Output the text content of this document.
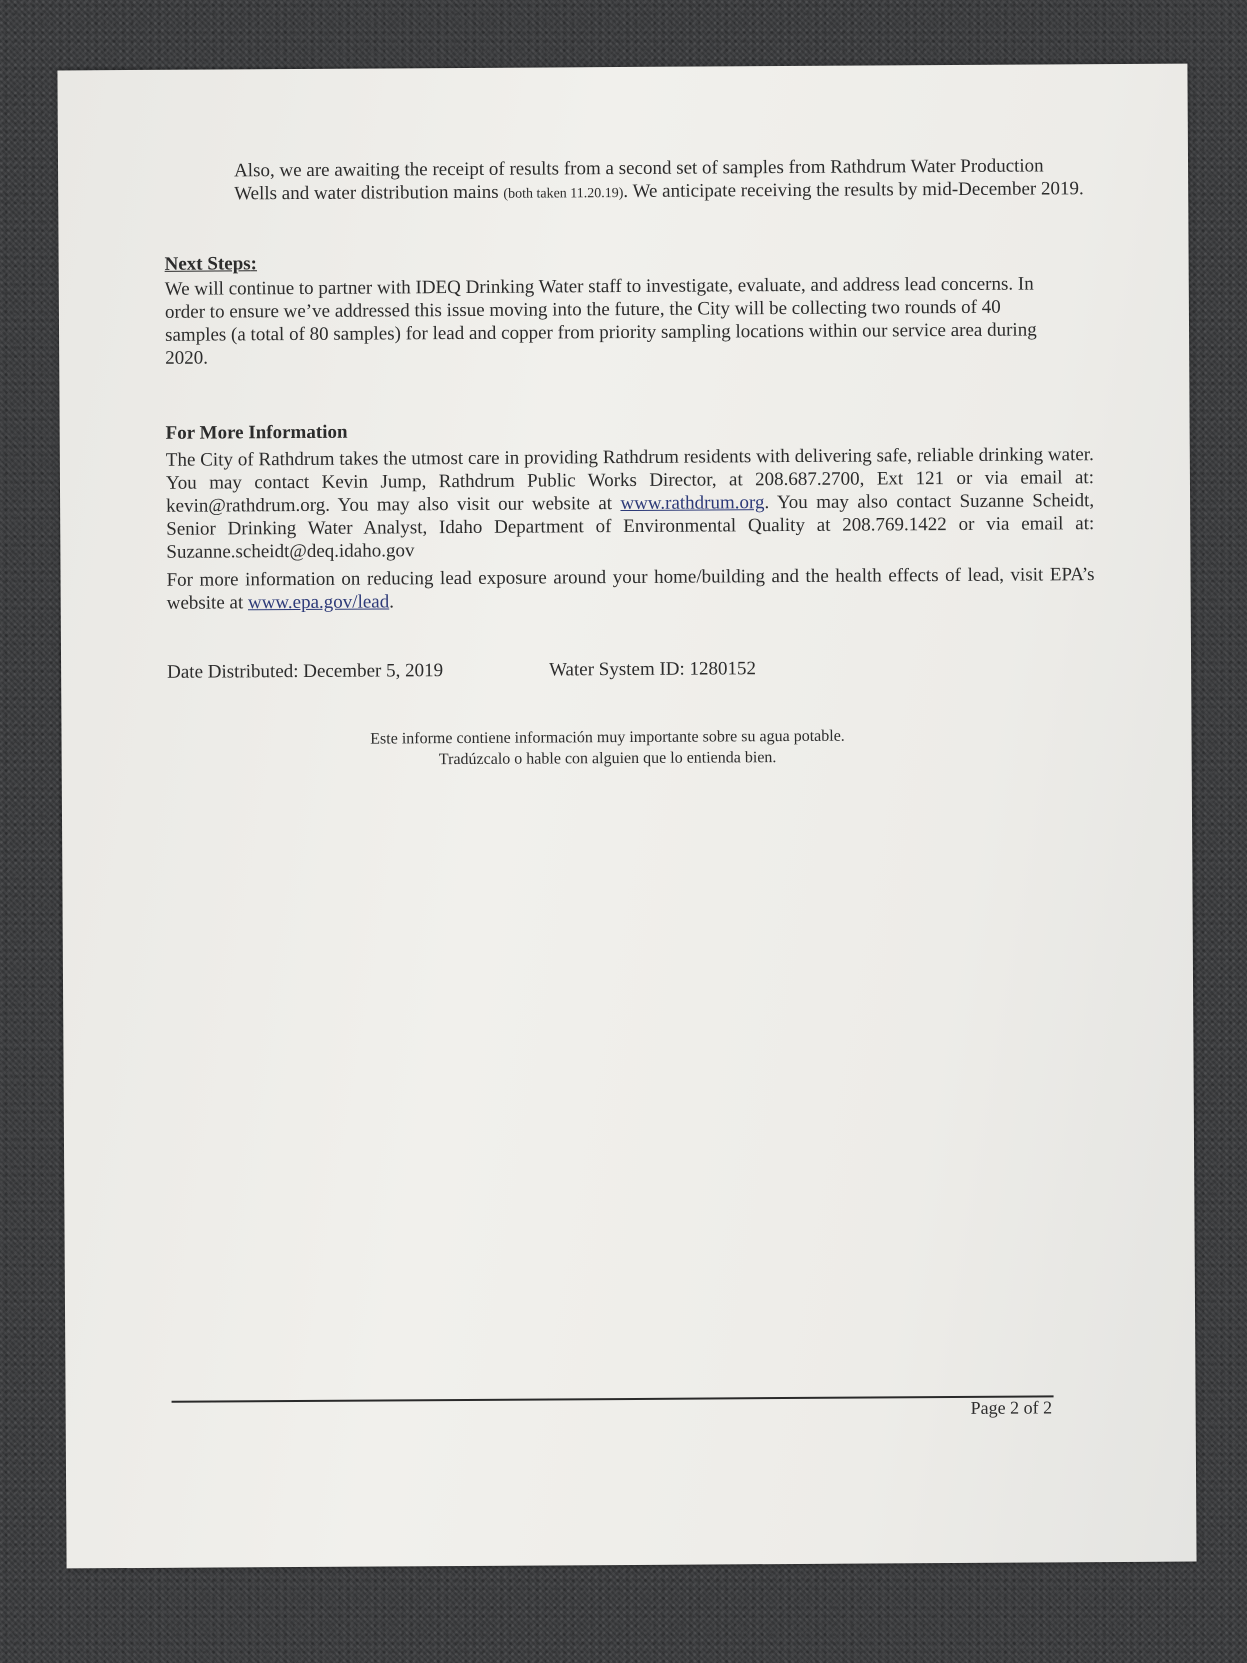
Also, we are awaiting the receipt of results from a second set of samples from Rathdrum Water Production Wells and water distribution mains (both taken 11.20.19). We anticipate receiving the results by mid-December 2019.

Next Steps:

We will continue to partner with IDEQ Drinking Water staff to investigate, evaluate, and address lead concerns. In order to ensure we’ve addressed this issue moving into the future, the City will be collecting two rounds of 40 samples (a total of 80 samples) for lead and copper from priority sampling locations within our service area during 2020.

For More Information

The City of Rathdrum takes the utmost care in providing Rathdrum residents with delivering safe, reliable drinking water. You may contact Kevin Jump, Rathdrum Public Works Director, at 208.687.2700, Ext 121 or via email at: kevin@rathdrum.org. You may also visit our website at www.rathdrum.org. You may also contact Suzanne Scheidt, Senior Drinking Water Analyst, Idaho Department of Environmental Quality at 208.769.1422 or via email at: Suzanne.scheidt@deq.idaho.gov

For more information on reducing lead exposure around your home/building and the health effects of lead, visit EPA’s website at www.epa.gov/lead.

Date Distributed: December 5, 2019	Water System ID: 1280152
Este informe contiene información muy importante sobre su agua potable.
Tradúzcalo o hable con alguien que lo entienda bien.
Page 2 of 2
